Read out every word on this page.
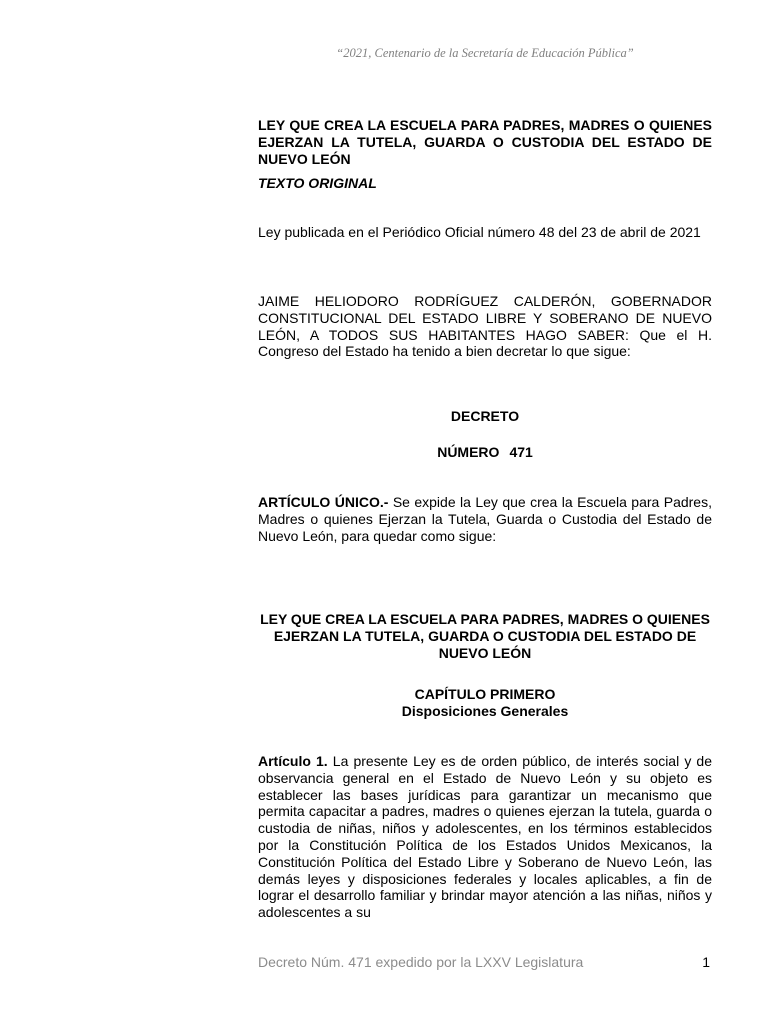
“2021, Centenario de la Secretaría de Educación Pública”
LEY QUE CREA LA ESCUELA PARA PADRES, MADRES O QUIENES EJERZAN LA TUTELA, GUARDA O CUSTODIA DEL ESTADO DE NUEVO LEÓN
TEXTO ORIGINAL
Ley publicada en el Periódico Oficial número 48 del 23 de abril de 2021
JAIME HELIODORO RODRÍGUEZ CALDERÓN, GOBERNADOR CONSTITUCIONAL DEL ESTADO LIBRE Y SOBERANO DE NUEVO LEÓN, A TODOS SUS HABITANTES HAGO SABER: Que el H. Congreso del Estado ha tenido a bien decretar lo que sigue:
DECRETO
NÚMERO 471
ARTÍCULO ÚNICO.- Se expide la Ley que crea la Escuela para Padres, Madres o quienes Ejerzan la Tutela, Guarda o Custodia del Estado de Nuevo León, para quedar como sigue:
LEY QUE CREA LA ESCUELA PARA PADRES, MADRES O QUIENES EJERZAN LA TUTELA, GUARDA O CUSTODIA DEL ESTADO DE NUEVO LEÓN
CAPÍTULO PRIMERO
Disposiciones Generales
Artículo 1. La presente Ley es de orden público, de interés social y de observancia general en el Estado de Nuevo León y su objeto es establecer las bases jurídicas para garantizar un mecanismo que permita capacitar a padres, madres o quienes ejerzan la tutela, guarda o custodia de niñas, niños y adolescentes, en los términos establecidos por la Constitución Política de los Estados Unidos Mexicanos, la Constitución Política del Estado Libre y Soberano de Nuevo León, las demás leyes y disposiciones federales y locales aplicables, a fin de lograr el desarrollo familiar y brindar mayor atención a las niñas, niños y adolescentes a su
Decreto Núm. 471 expedido por la LXXV Legislatura	1
